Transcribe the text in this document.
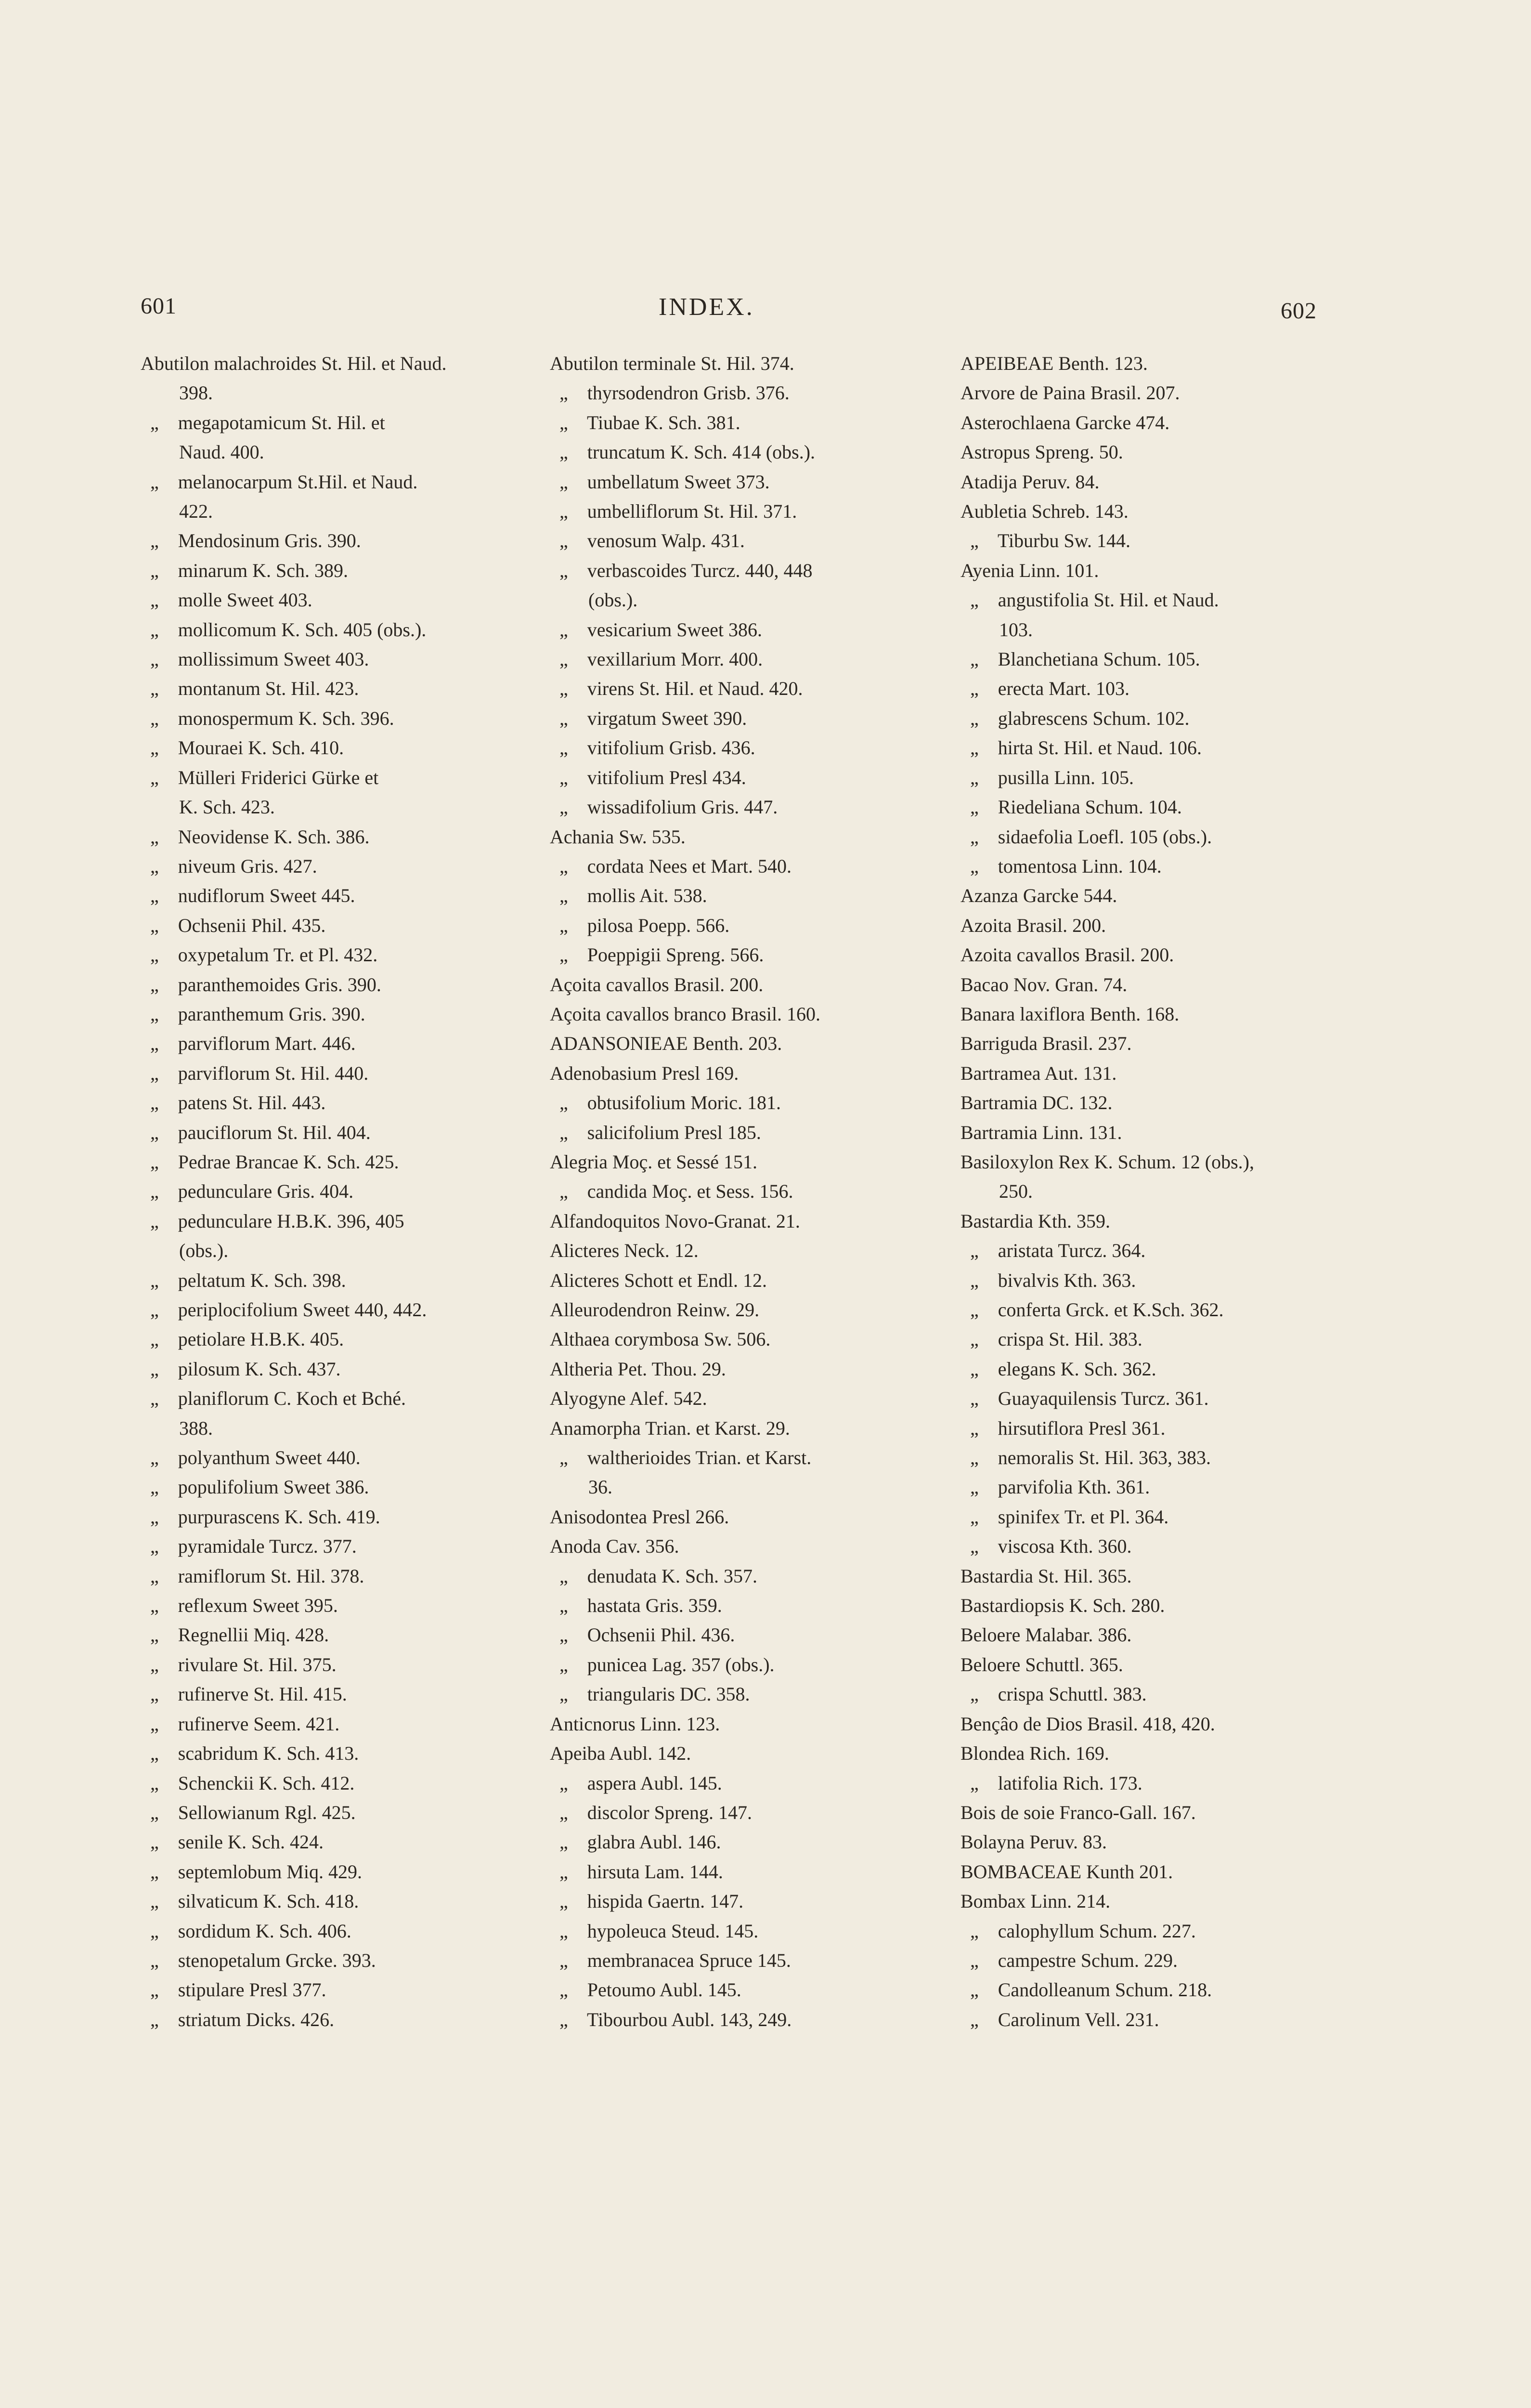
601	INDEX.	602
Abutilon malachroides St. Hil. et Naud.
398.
„    megapotamicum St. Hil. et
Naud. 400.
„    melanocarpum St.Hil. et Naud.
422.
„    Mendosinum Gris. 390.
„    minarum K. Sch. 389.
„    molle Sweet 403.
„    mollicomum K. Sch. 405 (obs.).
„    mollissimum Sweet 403.
„    montanum St. Hil. 423.
„    monospermum K. Sch. 396.
„    Mouraei K. Sch. 410.
„    Mülleri Friderici Gürke et
K. Sch. 423.
„    Neovidense K. Sch. 386.
„    niveum Gris. 427.
„    nudiflorum Sweet 445.
„    Ochsenii Phil. 435.
„    oxypetalum Tr. et Pl. 432.
„    paranthemoides Gris. 390.
„    paranthemum Gris. 390.
„    parviflorum Mart. 446.
„    parviflorum St. Hil. 440.
„    patens St. Hil. 443.
„    pauciflorum St. Hil. 404.
„    Pedrae Brancae K. Sch. 425.
„    pedunculare Gris. 404.
„    pedunculare H.B.K. 396, 405
(obs.).
„    peltatum K. Sch. 398.
„    periplocifolium Sweet 440, 442.
„    petiolare H.B.K. 405.
„    pilosum K. Sch. 437.
„    planiflorum C. Koch et Bché.
388.
„    polyanthum Sweet 440.
„    populifolium Sweet 386.
„    purpurascens K. Sch. 419.
„    pyramidale Turcz. 377.
„    ramiflorum St. Hil. 378.
„    reflexum Sweet 395.
„    Regnellii Miq. 428.
„    rivulare St. Hil. 375.
„    rufinerve St. Hil. 415.
„    rufinerve Seem. 421.
„    scabridum K. Sch. 413.
„    Schenckii K. Sch. 412.
„    Sellowianum Rgl. 425.
„    senile K. Sch. 424.
„    septemlobum Miq. 429.
„    silvaticum K. Sch. 418.
„    sordidum K. Sch. 406.
„    stenopetalum Grcke. 393.
„    stipulare Presl 377.
„    striatum Dicks. 426.
Abutilon terminale St. Hil. 374.
„    thyrsodendron Grisb. 376.
„    Tiubae K. Sch. 381.
„    truncatum K. Sch. 414 (obs.).
„    umbellatum Sweet 373.
„    umbelliflorum St. Hil. 371.
„    venosum Walp. 431.
„    verbascoides Turcz. 440, 448
(obs.).
„    vesicarium Sweet 386.
„    vexillarium Morr. 400.
„    virens St. Hil. et Naud. 420.
„    virgatum Sweet 390.
„    vitifolium Grisb. 436.
„    vitifolium Presl 434.
„    wissadifolium Gris. 447.
Achania Sw. 535.
„    cordata Nees et Mart. 540.
„    mollis Ait. 538.
„    pilosa Poepp. 566.
„    Poeppigii Spreng. 566.
Açoita cavallos Brasil. 200.
Açoita cavallos branco Brasil. 160.
ADANSONIEAE Benth. 203.
Adenobasium Presl 169.
„    obtusifolium Moric. 181.
„    salicifolium Presl 185.
Alegria Moç. et Sessé 151.
„    candida Moç. et Sess. 156.
Alfandoquitos Novo-Granat. 21.
Alicteres Neck. 12.
Alicteres Schott et Endl. 12.
Alleurodendron Reinw. 29.
Althaea corymbosa Sw. 506.
Altheria Pet. Thou. 29.
Alyogyne Alef. 542.
Anamorpha Trian. et Karst. 29.
„    waltherioides Trian. et Karst.
36.
Anisodontea Presl 266.
Anoda Cav. 356.
„    denudata K. Sch. 357.
„    hastata Gris. 359.
„    Ochsenii Phil. 436.
„    punicea Lag. 357 (obs.).
„    triangularis DC. 358.
Anticnorus Linn. 123.
Apeiba Aubl. 142.
„    aspera Aubl. 145.
„    discolor Spreng. 147.
„    glabra Aubl. 146.
„    hirsuta Lam. 144.
„    hispida Gaertn. 147.
„    hypoleuca Steud. 145.
„    membranacea Spruce 145.
„    Petoumo Aubl. 145.
„    Tibourbou Aubl. 143, 249.
APEIBEAE Benth. 123.
Arvore de Paina Brasil. 207.
Asterochlaena Garcke 474.
Astropus Spreng. 50.
Atadija Peruv. 84.
Aubletia Schreb. 143.
„    Tiburbu Sw. 144.
Ayenia Linn. 101.
„    angustifolia St. Hil. et Naud.
103.
„    Blanchetiana Schum. 105.
„    erecta Mart. 103.
„    glabrescens Schum. 102.
„    hirta St. Hil. et Naud. 106.
„    pusilla Linn. 105.
„    Riedeliana Schum. 104.
„    sidaefolia Loefl. 105 (obs.).
„    tomentosa Linn. 104.
Azanza Garcke 544.
Azoita Brasil. 200.
Azoita cavallos Brasil. 200.
Bacao Nov. Gran. 74.
Banara laxiflora Benth. 168.
Barriguda Brasil. 237.
Bartramea Aut. 131.
Bartramia DC. 132.
Bartramia Linn. 131.
Basiloxylon Rex K. Schum. 12 (obs.),
250.
Bastardia Kth. 359.
„    aristata Turcz. 364.
„    bivalvis Kth. 363.
„    conferta Grck. et K.Sch. 362.
„    crispa St. Hil. 383.
„    elegans K. Sch. 362.
„    Guayaquilensis Turcz. 361.
„    hirsutiflora Presl 361.
„    nemoralis St. Hil. 363, 383.
„    parvifolia Kth. 361.
„    spinifex Tr. et Pl. 364.
„    viscosa Kth. 360.
Bastardia St. Hil. 365.
Bastardiopsis K. Sch. 280.
Beloere Malabar. 386.
Beloere Schuttl. 365.
„    crispa Schuttl. 383.
Bençâo de Dios Brasil. 418, 420.
Blondea Rich. 169.
„    latifolia Rich. 173.
Bois de soie Franco-Gall. 167.
Bolayna Peruv. 83.
BOMBACEAE Kunth 201.
Bombax Linn. 214.
„    calophyllum Schum. 227.
„    campestre Schum. 229.
„    Candolleanum Schum. 218.
„    Carolinum Vell. 231.
